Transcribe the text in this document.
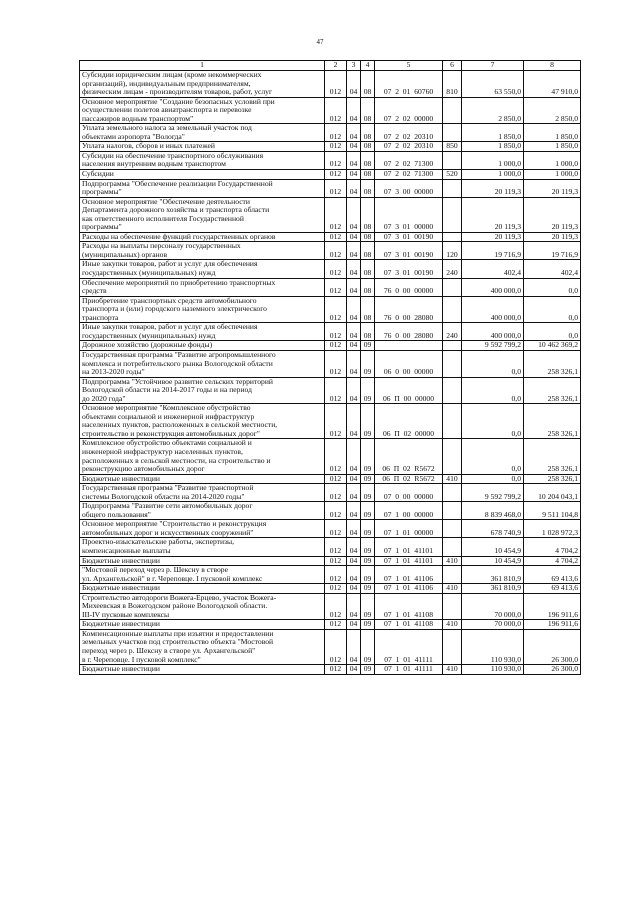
47
1	2	3	4	5	6	7	8
Субсидии юридическим лицам (кроме некоммерческих
организаций), индивидуальным предпринимателям,
физическим лицам - производителям товаров, работ, услуг	012	04	08	07  2  01  60760	810	63 550,0	47 910,0
Основное мероприятие "Создание безопасных условий при
осуществлении полетов авиатранспорта и перевозке
пассажиров водным транспортом"	012	04	08	07  2  02  00000		2 850,0	2 850,0
Уплата земельного налога за земельный участок под
объектами аэропорта "Вологда"	012	04	08	07  2  02  20310		1 850,0	1 850,0
Уплата налогов, сборов и иных платежей	012	04	08	07  2  02  20310	850	1 850,0	1 850,0
Субсидии на обеспечение транспортного обслуживания
населения внутренним водным транспортом	012	04	08	07  2  02  71300		1 000,0	1 000,0
Субсидии	012	04	08	07  2  02  71300	520	1 000,0	1 000,0
Подпрограмма "Обеспечение реализации Государственной
программы"	012	04	08	07  3  00  00000		20 119,3	20 119,3
Основное мероприятие "Обеспечение деятельности
Департамента дорожного хозяйства и транспорта области
как ответственного исполнителя Государственной
программы"	012	04	08	07  3  01  00000		20 119,3	20 119,3
Расходы на обеспечение функций государственных органов	012	04	08	07  3  01  00190		20 119,3	20 119,3
Расходы на выплаты персоналу государственных
(муниципальных) органов	012	04	08	07  3  01  00190	120	19 716,9	19 716,9
Иные закупки товаров, работ и услуг для обеспечения
государственных (муниципальных) нужд	012	04	08	07  3  01  00190	240	402,4	402,4
Обеспечение мероприятий по приобретению транспортных
средств	012	04	08	76  0  00  00000		400 000,0	0,0
Приобретение транспортных средств автомобильного
транспорта и (или) городского наземного электрического
транспорта	012	04	08	76  0  00  28080		400 000,0	0,0
Иные закупки товаров, работ и услуг для обеспечения
государственных (муниципальных) нужд	012	04	08	76  0  00  28080	240	400 000,0	0,0
Дорожное хозяйство (дорожные фонды)	012	04	09			9 592 799,2	10 462 369,2
Государственная программа "Развитие агропромышленного
комплекса и потребительского рынка Вологодской области
на 2013-2020 годы"	012	04	09	06  0  00  00000		0,0	258 326,1
Подпрограмма "Устойчивое развитие сельских территорий
Вологодской области на 2014-2017 годы и на период
до 2020 года"	012	04	09	06  П  00  00000		0,0	258 326,1
Основное мероприятие "Комплексное обустройство
объектами социальной и инженерной инфраструктур
населенных пунктов, расположенных в сельской местности,
строительство и реконструкция автомобильных дорог"	012	04	09	06  П  02  00000		0,0	258 326,1
Комплексное обустройство объектами социальной и
инженерной инфраструктур населенных пунктов,
расположенных в сельской местности, на строительство и
реконструкцию автомобильных дорог	012	04	09	06  П  02  R5672		0,0	258 326,1
Бюджетные инвестиции	012	04	09	06  П  02  R5672	410	0,0	258 326,1
Государственная программа "Развитие транспортной
системы Вологодской области на 2014-2020 годы"	012	04	09	07  0  00  00000		9 592 799,2	10 204 043,1
Подпрограмма "Развитие сети автомобильных дорог
общего пользования"	012	04	09	07  1  00  00000		8 839 468,0	9 511 104,8
Основное мероприятие "Строительство и реконструкция
автомобильных дорог и искусственных сооружений"	012	04	09	07  1  01  00000		678 740,9	1 028 972,3
Проектно-изыскательские работы, экспертизы,
компенсационные выплаты	012	04	09	07  1  01  41101		10 454,9	4 704,2
Бюджетные инвестиции	012	04	09	07  1  01  41101	410	10 454,9	4 704,2
"Мостовой переход через р. Шексну в створе
ул. Архангельской" в г. Череповце. I пусковой комплекс	012	04	09	07  1  01  41106		361 810,9	69 413,6
Бюджетные инвестиции	012	04	09	07  1  01  41106	410	361 810,9	69 413,6
Строительство автодороги Вожега-Ерцево, участок Вожега-
Михеевская в Вожегодском районе Вологодской области.
III-IV пусковые комплексы	012	04	09	07  1  01  41108		70 000,0	196 911,6
Бюджетные инвестиции	012	04	09	07  1  01  41108	410	70 000,0	196 911,6
Компенсационные выплаты при изъятии и предоставлении
земельных участков под строительство объекта "Мостовой
переход через р. Шексну в створе ул. Архангельской"
в г. Череповце. I пусковой комплекс"	012	04	09	07  1  01  41111		110 930,0	26 300,0
Бюджетные инвестиции	012	04	09	07  1  01  41111	410	110 930,0	26 300,0
